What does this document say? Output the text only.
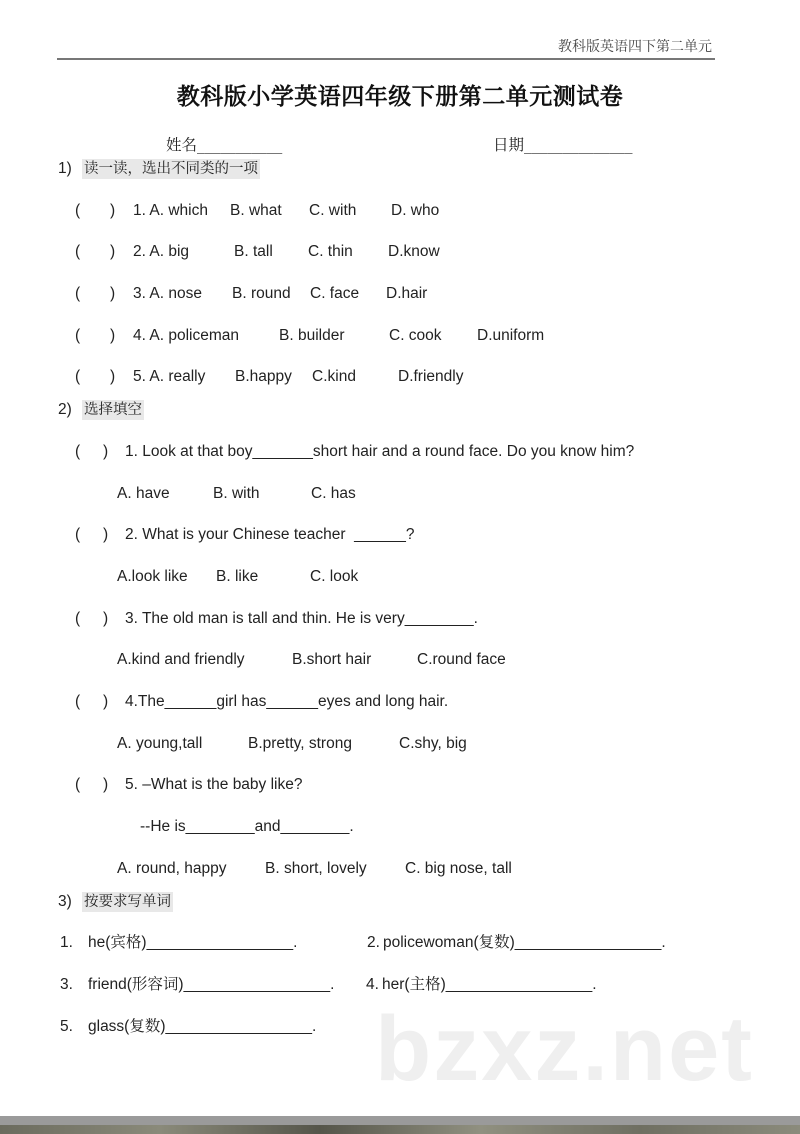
教科版英语四下第二单元
教科版小学英语四年级下册第二单元测试卷
bzxz.net
姓名___________	日期______________
1) 读一读，选出不同类的一项
2) 选择填空
3) 按要求写单词
( ) 1. A. which B. what C. with D. who
( ) 2. A. big	B. tall C. thin D.know
( ) 3. A. nose B. round C. face D.hair
( ) 4. A. policeman	B. builder	C. cook D.uniform
( ) 5. A. really B.happy C.kind	D.friendly
( ) 1. Look at that boy_______short hair and a round face. Do you know him?
A. have	B. with	C. has
( ) 2. What is your Chinese teacher  ______?
A.look like B. like	C. look
( ) 3. The old man is tall and thin. He is very________.
A.kind and friendly	B.short hair	C.round face
( ) 4.The______girl has______eyes and long hair.
A. young,tall	B.pretty, strong	C.shy, big
( ) 5. –What is the baby like?
A. round, happy B. short, lovely C. big nose, tall
--He is________and________.
1. he(宾格)_________________.	2. policewoman(复数)_________________.
3. friend(形容词)_________________. 4. her(主格)_________________.
5. glass(复数)_________________.
